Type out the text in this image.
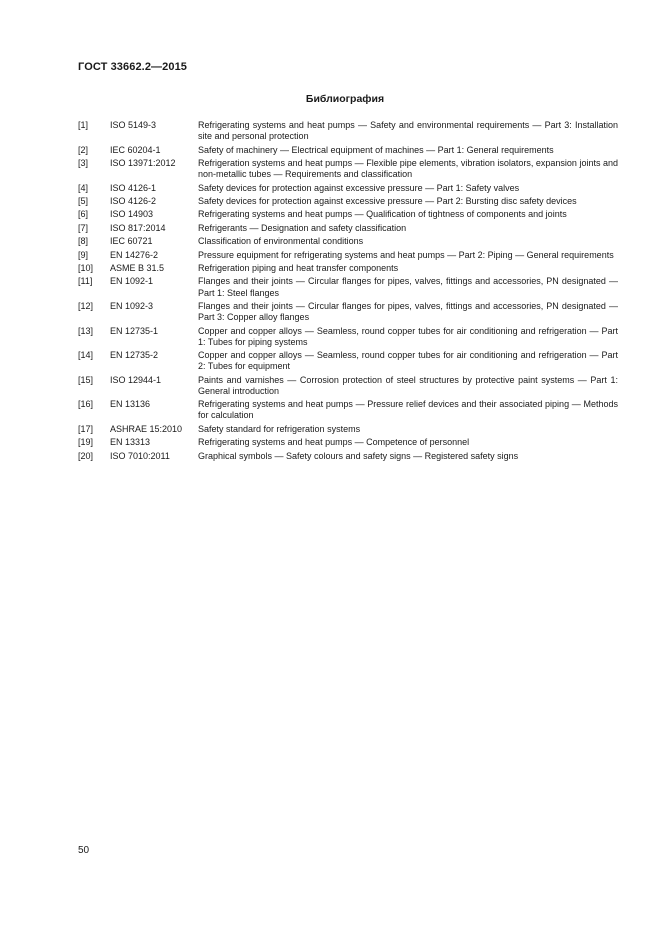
ГОСТ 33662.2—2015
Библиография
[1]	ISO 5149-3	Refrigerating systems and heat pumps — Safety and environmental requirements — Part 3: Installation site and personal protection
[2]	IEC 60204-1	Safety of machinery — Electrical equipment of machines — Part 1: General requirements
[3]	ISO 13971:2012	Refrigeration systems and heat pumps — Flexible pipe elements, vibration isolators, expansion joints and non-metallic tubes — Requirements and classification
[4]	ISO 4126-1	Safety devices for protection against excessive pressure — Part 1: Safety valves
[5]	ISO 4126-2	Safety devices for protection against excessive pressure — Part 2: Bursting disc safety devices
[6]	ISO 14903	Refrigerating systems and heat pumps — Qualification of tightness of components and joints
[7]	ISO 817:2014	Refrigerants — Designation and safety classification
[8]	IEC 60721	Classification of environmental conditions
[9]	EN 14276-2	Pressure equipment for refrigerating systems and heat pumps — Part 2: Piping — General requirements
[10]	ASME B 31.5	Refrigeration piping and heat transfer components
[11]	EN 1092-1	Flanges and their joints — Circular flanges for pipes, valves, fittings and accessories, PN designated — Part 1: Steel flanges
[12]	EN 1092-3	Flanges and their joints — Circular flanges for pipes, valves, fittings and accessories, PN designated — Part 3: Copper alloy flanges
[13]	EN 12735-1	Copper and copper alloys — Seamless, round copper tubes for air conditioning and refrigeration — Part 1: Tubes for piping systems
[14]	EN 12735-2	Copper and copper alloys — Seamless, round copper tubes for air conditioning and refrigeration — Part 2: Tubes for equipment
[15]	ISO 12944-1	Paints and varnishes — Corrosion protection of steel structures by protective paint systems — Part 1: General introduction
[16]	EN 13136	Refrigerating systems and heat pumps — Pressure relief devices and their associated piping — Methods for calculation
[17]	ASHRAE 15:2010	Safety standard for refrigeration systems
[19]	EN 13313	Refrigerating systems and heat pumps — Competence of personnel
[20]	ISO 7010:2011	Graphical symbols — Safety colours and safety signs — Registered safety signs
50
